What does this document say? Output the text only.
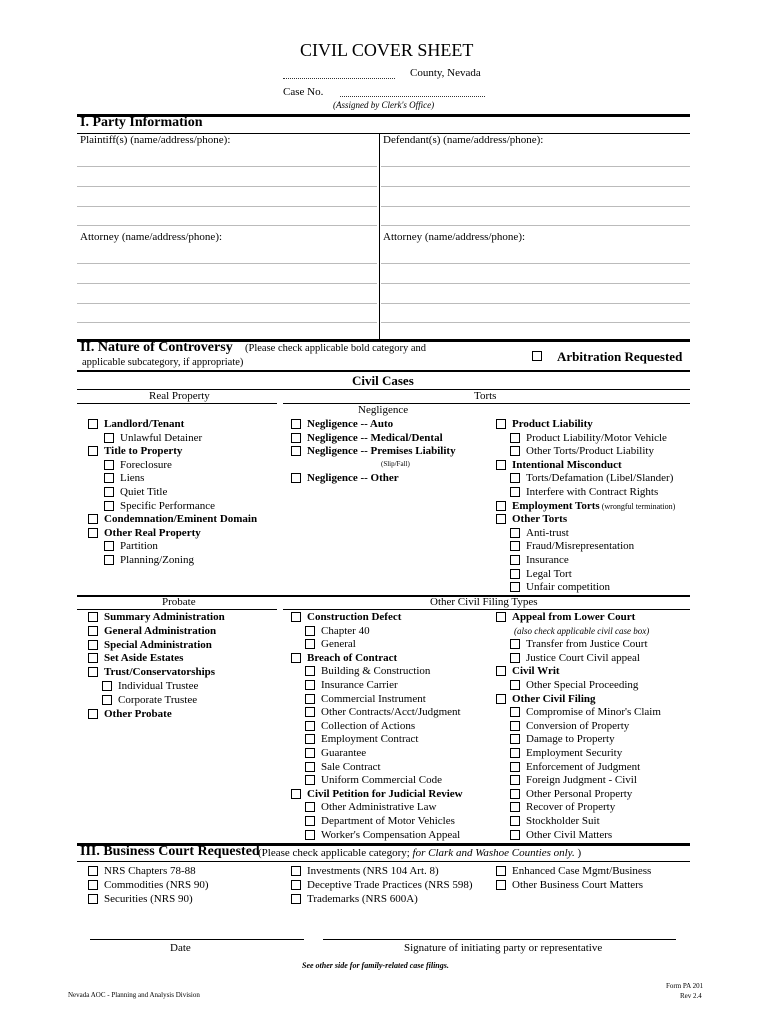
CIVIL COVER SHEET
County, Nevada
Case No.
(Assigned by Clerk's Office)
I. Party Information
Plaintiff(s) (name/address/phone):	Defendant(s) (name/address/phone):
Attorney (name/address/phone):	Attorney (name/address/phone):
II. Nature of Controversy (Please check applicable bold category and
applicable subcategory, if appropriate)	Arbitration Requested
Civil Cases
Real Property	Torts
Negligence
(Slip/Fall)
Landlord/Tenant
Unlawful Detainer
Title to Property
Foreclosure
Liens
Quiet Title
Specific Performance
Condemnation/Eminent Domain
Other Real Property
Partition
Planning/Zoning
Negligence -- Auto
Negligence -- Medical/Dental
Negligence -- Premises Liability
Negligence -- Other
Product Liability
Product Liability/Motor Vehicle
Other Torts/Product Liability
Intentional Misconduct
Torts/Defamation (Libel/Slander)
Interfere with Contract Rights
Employment Torts (wrongful termination)
Other Torts
Anti-trust
Fraud/Misrepresentation
Insurance
Legal Tort
Unfair competition
Probate	Other Civil Filing Types
Summary Administration
General Administration
Special Administration
Set Aside Estates
Trust/Conservatorships
Individual Trustee
Corporate Trustee
Other Probate
Construction Defect
Chapter 40
General
Breach of Contract
Building & Construction
Insurance Carrier
Commercial Instrument
Other Contracts/Acct/Judgment
Collection of Actions
Employment Contract
Guarantee
Sale Contract
Uniform Commercial Code
Civil Petition for Judicial Review
Other Administrative Law
Department of Motor Vehicles
Worker's Compensation Appeal
Appeal from Lower Court
Transfer from Justice Court
Justice Court Civil appeal
Civil Writ
Other Special Proceeding
Other Civil Filing
Compromise of Minor's Claim
Conversion of Property
Damage to Property
Employment Security
Enforcement of Judgment
Foreign Judgment - Civil
Other Personal Property
Recover of Property
Stockholder Suit
Other Civil Matters
(also check applicable civil case box)
III. Business Court Requested
(Please check applicable category; for Clark and Washoe Counties only. )
NRS Chapters 78-88
Commodities (NRS 90)
Securities (NRS 90)
Investments (NRS 104 Art. 8)
Deceptive Trade Practices (NRS 598)
Trademarks (NRS 600A)
Enhanced Case Mgmt/Business
Other Business Court Matters
Date	Signature of initiating party or representative
See other side for family-related case filings.
Nevada AOC - Planning and Analysis Division
Form PA 201
Rev 2.4
